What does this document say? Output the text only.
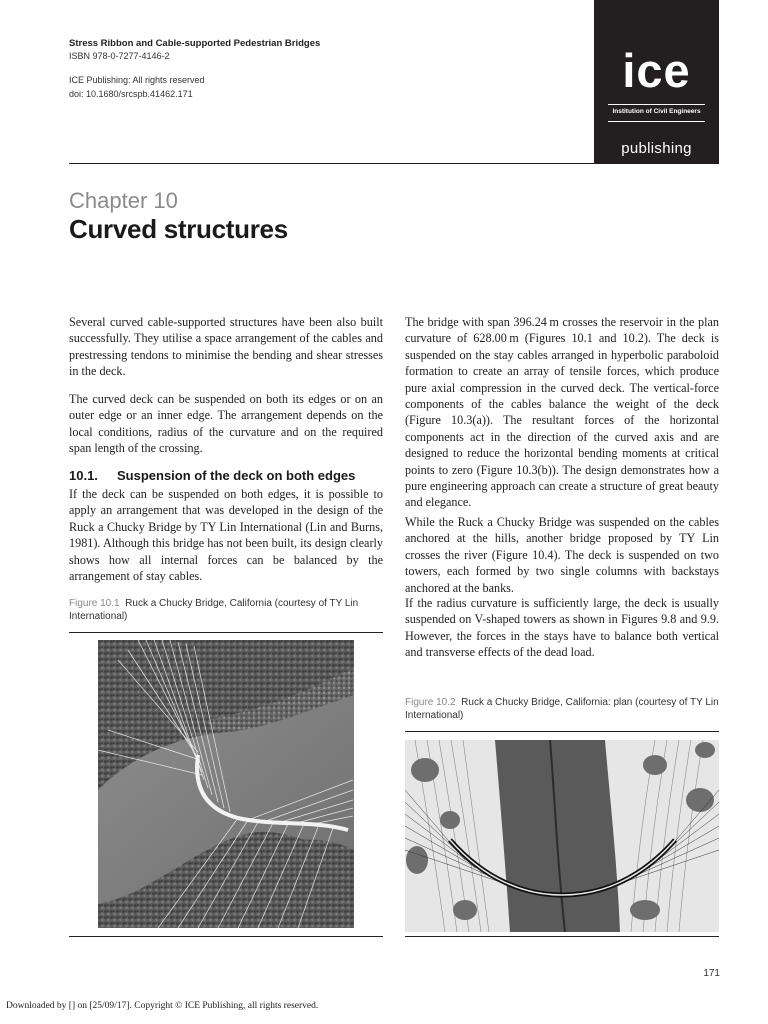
Stress Ribbon and Cable-supported Pedestrian Bridges
ISBN 978-0-7277-4146-2
ICE Publishing: All rights reserved
doi: 10.1680/srcspb.41462.171	ice
Institution of Civil Engineers
publishing
Chapter 10
Curved structures
Several curved cable-supported structures have been also built successfully. They utilise a space arrangement of the cables and prestressing tendons to minimise the bending and shear stresses in the deck.
The curved deck can be suspended on both its edges or on an outer edge or an inner edge. The arrangement depends on the local conditions, radius of the curvature and on the required span length of the crossing.
10.1. Suspension of the deck on both edges
If the deck can be suspended on both edges, it is possible to apply an arrangement that was developed in the design of the Ruck a Chucky Bridge by TY Lin International (Lin and Burns, 1981). Although this bridge has not been built, its design clearly shows how all internal forces can be balanced by the arrangement of stay cables.
Figure 10.1 Ruck a Chucky Bridge, California (courtesy of TY Lin International)
The bridge with span 396.24 m crosses the reservoir in the plan curvature of 628.00 m (Figures 10.1 and 10.2). The deck is suspended on the stay cables arranged in hyperbolic paraboloid formation to create an array of tensile forces, which produce pure axial compression in the curved deck. The vertical-force components of the cables balance the weight of the deck (Figure 10.3(a)). The resultant forces of the horizontal components act in the direction of the curved axis and are designed to reduce the horizontal bending moments at critical points to zero (Figure 10.3(b)). The design demonstrates how a pure engineering approach can create a structure of great beauty and elegance.
While the Ruck a Chucky Bridge was suspended on the cables anchored at the hills, another bridge proposed by TY Lin crosses the river (Figure 10.4). The deck is suspended on two towers, each formed by two single columns with backstays anchored at the banks.
If the radius curvature is sufficiently large, the deck is usually suspended on V-shaped towers as shown in Figures 9.8 and 9.9. However, the forces in the stays have to balance both vertical and transverse effects of the dead load.
Figure 10.2 Ruck a Chucky Bridge, California: plan (courtesy of TY Lin International)
171
Downloaded by [] on [25/09/17]. Copyright © ICE Publishing, all rights reserved.
